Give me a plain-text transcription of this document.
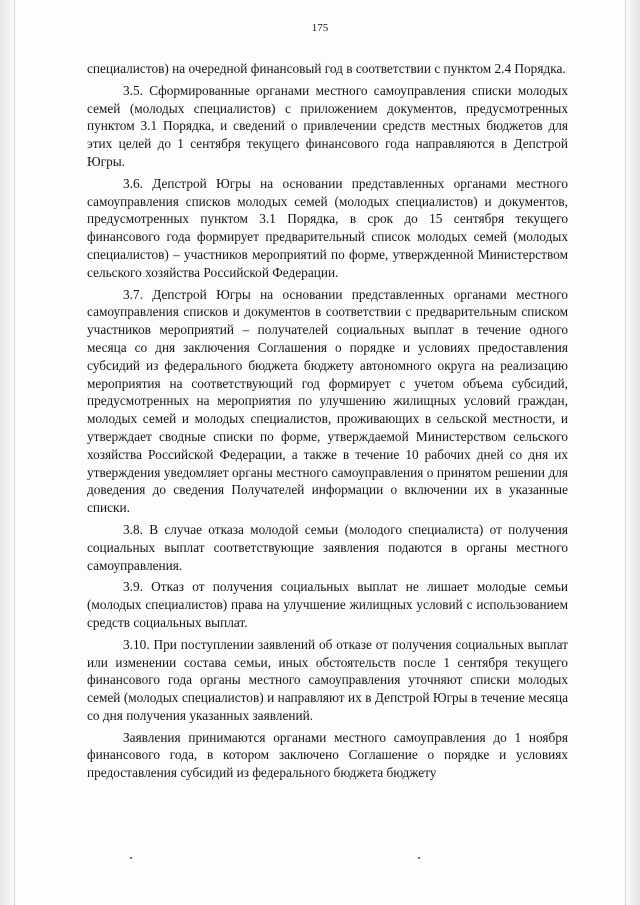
175

специалистов) на очередной финансовый год в соответствии с пунктом 2.4 Порядка.

3.5. Сформированные органами местного самоуправления списки молодых семей (молодых специалистов) с приложением документов, предусмотренных пунктом 3.1 Порядка, и сведений о привлечении средств местных бюджетов для этих целей до 1 сентября текущего финансового года направляются в Депстрой Югры.

3.6. Депстрой Югры на основании представленных органами местного самоуправления списков молодых семей (молодых специалистов) и документов, предусмотренных пунктом 3.1 Порядка, в срок до 15 сентября текущего финансового года формирует предварительный список молодых семей (молодых специалистов) – участников мероприятий по форме, утвержденной Министерством сельского хозяйства Российской Федерации.

3.7. Депстрой Югры на основании представленных органами местного самоуправления списков и документов в соответствии с предварительным списком участников мероприятий – получателей социальных выплат в течение одного месяца со дня заключения Соглашения о порядке и условиях предоставления субсидий из федерального бюджета бюджету автономного округа на реализацию мероприятия на соответствующий год формирует с учетом объема субсидий, предусмотренных на мероприятия по улучшению жилищных условий граждан, молодых семей и молодых специалистов, проживающих в сельской местности, и утверждает сводные списки по форме, утверждаемой Министерством сельского хозяйства Российской Федерации, а также в течение 10 рабочих дней со дня их утверждения уведомляет органы местного самоуправления о принятом решении для доведения до сведения Получателей информации о включении их в указанные списки.

3.8. В случае отказа молодой семьи (молодого специалиста) от получения социальных выплат соответствующие заявления подаются в органы местного самоуправления.

3.9. Отказ от получения социальных выплат не лишает молодые семьи (молодых специалистов) права на улучшение жилищных условий с использованием средств социальных выплат.

3.10. При поступлении заявлений об отказе от получения социальных выплат или изменении состава семьи, иных обстоятельств после 1 сентября текущего финансового года органы местного самоуправления уточняют списки молодых семей (молодых специалистов) и направляют их в Депстрой Югры в течение месяца со дня получения указанных заявлений.

Заявления принимаются органами местного самоуправления до 1 ноября финансового года, в котором заключено Соглашение о порядке и условиях предоставления субсидий из федерального бюджета бюджету
